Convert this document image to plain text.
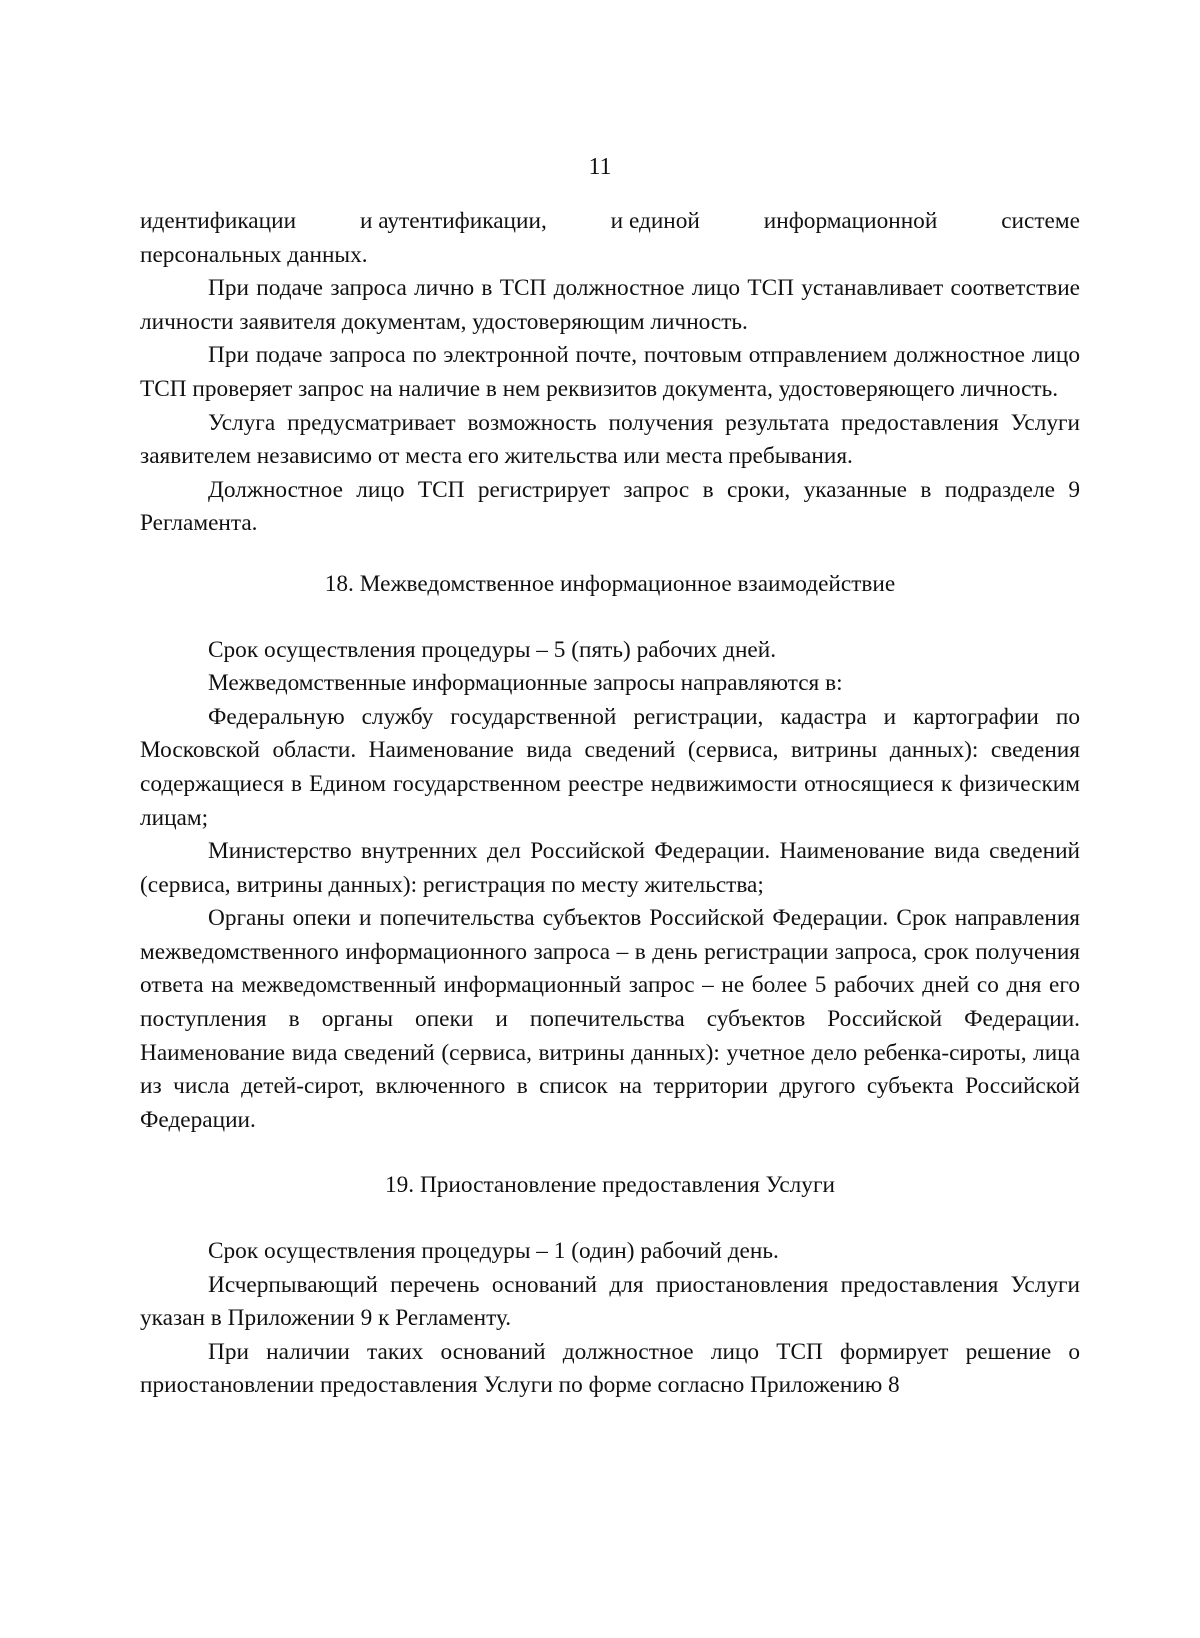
11
идентификации	и аутентификации,	и единой	информационной	системе

персональных данных.

При подаче запроса лично в ТСП должностное лицо ТСП устанавливает соответствие личности заявителя документам, удостоверяющим личность.

При подаче запроса по электронной почте, почтовым отправлением должностное лицо ТСП проверяет запрос на наличие в нем реквизитов документа, удостоверяющего личность.

Услуга предусматривает возможность получения результата предоставления Услуги заявителем независимо от места его жительства или места пребывания.

Должностное лицо ТСП регистрирует запрос в сроки, указанные в подразделе 9 Регламента.

18. Межведомственное информационное взаимодействие

Срок осуществления процедуры – 5 (пять) рабочих дней.

Межведомственные информационные запросы направляются в:

Федеральную службу государственной регистрации, кадастра и картографии по Московской области. Наименование вида сведений (сервиса, витрины данных): сведения содержащиеся в Едином государственном реестре недвижимости относящиеся к физическим лицам;

Министерство внутренних дел Российской Федерации. Наименование вида сведений (сервиса, витрины данных): регистрация по месту жительства;

Органы опеки и попечительства субъектов Российской Федерации. Срок направления межведомственного информационного запроса – в день регистрации запроса, срок получения ответа на межведомственный информационный запрос – не более 5 рабочих дней со дня его поступления в органы опеки и попечительства субъектов Российской Федерации. Наименование вида сведений (сервиса, витрины данных): учетное дело ребенка-сироты, лица из числа детей-сирот, включенного в список на территории другого субъекта Российской Федерации.

19. Приостановление предоставления Услуги

Срок осуществления процедуры – 1 (один) рабочий день.

Исчерпывающий перечень оснований для приостановления предоставления Услуги указан в Приложении 9 к Регламенту.

При наличии таких оснований должностное лицо ТСП формирует решение о приостановлении предоставления Услуги по форме согласно Приложению 8
